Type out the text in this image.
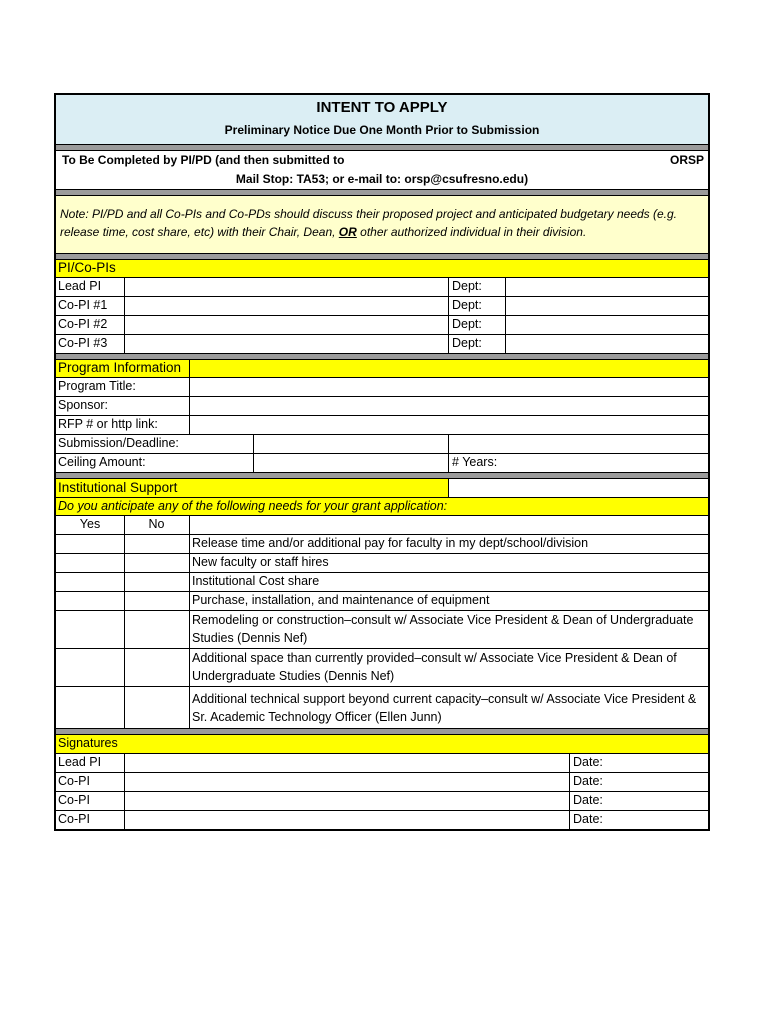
INTENT TO APPLY
Preliminary Notice Due One Month Prior to Submission
To Be Completed by PI/PD (and then submitted to	ORSP
Mail Stop: TA53; or e-mail to: orsp@csufresno.edu)
Note: PI/PD and all Co-PIs and Co-PDs should discuss their proposed project and anticipated budgetary needs (e.g. release time, cost share, etc) with their Chair, Dean, OR other authorized individual in their division.
PI/Co-PIs
Lead PI	Dept:
Co-PI #1	Dept:
Co-PI #2	Dept:
Co-PI #3	Dept:
Program Information
Program Title:
Sponsor:
RFP # or http link:
Submission/Deadline:
Ceiling Amount:	# Years:
Institutional Support
Do you anticipate any of the following needs for your grant application:
Yes	No
Release time and/or additional pay for faculty in my dept/school/division
New faculty or staff hires
Institutional Cost share
Purchase, installation, and maintenance of equipment
Remodeling or construction–consult w/ Associate Vice President & Dean of Undergraduate Studies (Dennis Nef)
Additional space than currently provided–consult w/ Associate Vice President & Dean of Undergraduate Studies (Dennis Nef)
Additional technical support beyond current capacity–consult w/ Associate Vice President & Sr. Academic Technology Officer (Ellen Junn)
Signatures
Lead PI	Date:
Co-PI	Date:
Co-PI	Date:
Co-PI	Date:
